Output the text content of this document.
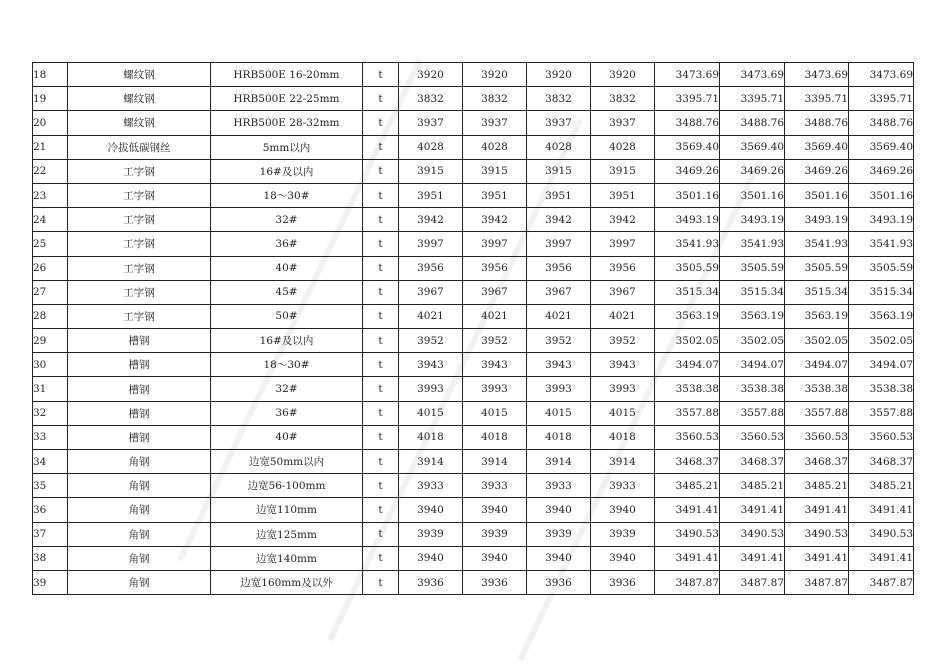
18	螺纹钢	HRB500E 16-20mm	t	3920	3920	3920	3920	3473.69	3473.69	3473.69	3473.69
19	螺纹钢	HRB500E 22-25mm	t	3832	3832	3832	3832	3395.71	3395.71	3395.71	3395.71
20	螺纹钢	HRB500E 28-32mm	t	3937	3937	3937	3937	3488.76	3488.76	3488.76	3488.76
21	冷拔低碳钢丝	5mm以内	t	4028	4028	4028	4028	3569.40	3569.40	3569.40	3569.40
22	工字钢	16#及以内	t	3915	3915	3915	3915	3469.26	3469.26	3469.26	3469.26
23	工字钢	18～30#	t	3951	3951	3951	3951	3501.16	3501.16	3501.16	3501.16
24	工字钢	32#	t	3942	3942	3942	3942	3493.19	3493.19	3493.19	3493.19
25	工字钢	36#	t	3997	3997	3997	3997	3541.93	3541.93	3541.93	3541.93
26	工字钢	40#	t	3956	3956	3956	3956	3505.59	3505.59	3505.59	3505.59
27	工字钢	45#	t	3967	3967	3967	3967	3515.34	3515.34	3515.34	3515.34
28	工字钢	50#	t	4021	4021	4021	4021	3563.19	3563.19	3563.19	3563.19
29	槽钢	16#及以内	t	3952	3952	3952	3952	3502.05	3502.05	3502.05	3502.05
30	槽钢	18～30#	t	3943	3943	3943	3943	3494.07	3494.07	3494.07	3494.07
31	槽钢	32#	t	3993	3993	3993	3993	3538.38	3538.38	3538.38	3538.38
32	槽钢	36#	t	4015	4015	4015	4015	3557.88	3557.88	3557.88	3557.88
33	槽钢	40#	t	4018	4018	4018	4018	3560.53	3560.53	3560.53	3560.53
34	角钢	边宽50mm以内	t	3914	3914	3914	3914	3468.37	3468.37	3468.37	3468.37
35	角钢	边宽56-100mm	t	3933	3933	3933	3933	3485.21	3485.21	3485.21	3485.21
36	角钢	边宽110mm	t	3940	3940	3940	3940	3491.41	3491.41	3491.41	3491.41
37	角钢	边宽125mm	t	3939	3939	3939	3939	3490.53	3490.53	3490.53	3490.53
38	角钢	边宽140mm	t	3940	3940	3940	3940	3491.41	3491.41	3491.41	3491.41
39	角钢	边宽160mm及以外	t	3936	3936	3936	3936	3487.87	3487.87	3487.87	3487.87
